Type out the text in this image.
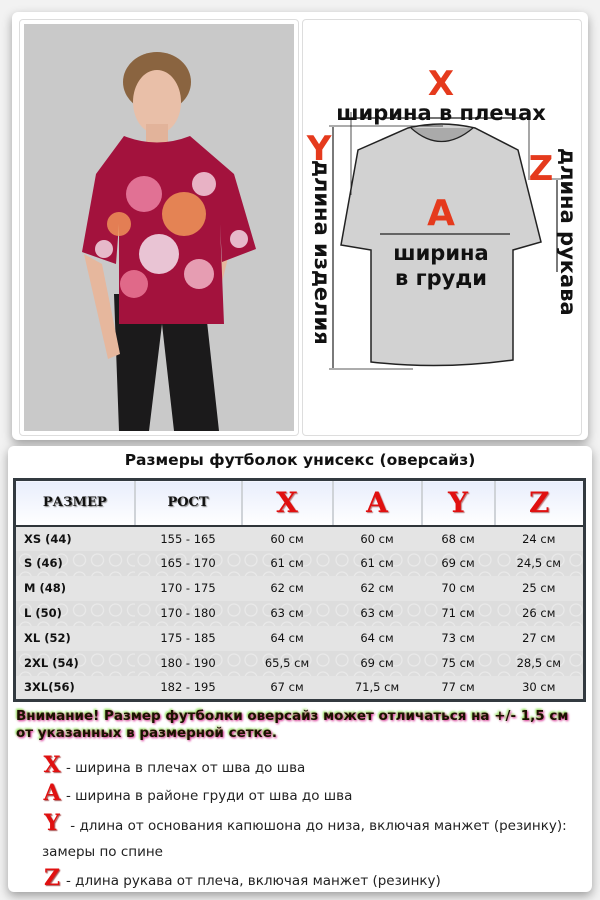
X
ширина в плечах
A
ширина
в груди
Y
длина изделия	Z длина рукава
Размеры футболок унисекс (оверсайз)
РАЗМЕР	РОСТ	X	A	Y	Z
XS (44)	155 - 165	60 см	60 см	68 см	24 см
S (46)	165 - 170	61 см	61 см	69 см	24,5 см
M (48)	170 - 175	62 см	62 см	70 см	25 см
L (50)	170 - 180	63 см	63 см	71 см	26 см
XL (52)	175 - 185	64 см	64 см	73 см	27 см
2XL (54)	180 - 190	65,5 см	69 см	75 см	28,5 см
3XL(56)	182 - 195	67 см	71,5 см	77 см	30 см
Внимание! Размер футболки оверсайз может отличаться на +/- 1,5 см от указанных в размерной сетке.
X - ширина в плечах от шва до шва
A - ширина в районе груди от шва до шва
Y - длина от основания капюшона до низа, включая манжет (резинку): замеры по спине
Z - длина рукава от плеча, включая манжет (резинку)
